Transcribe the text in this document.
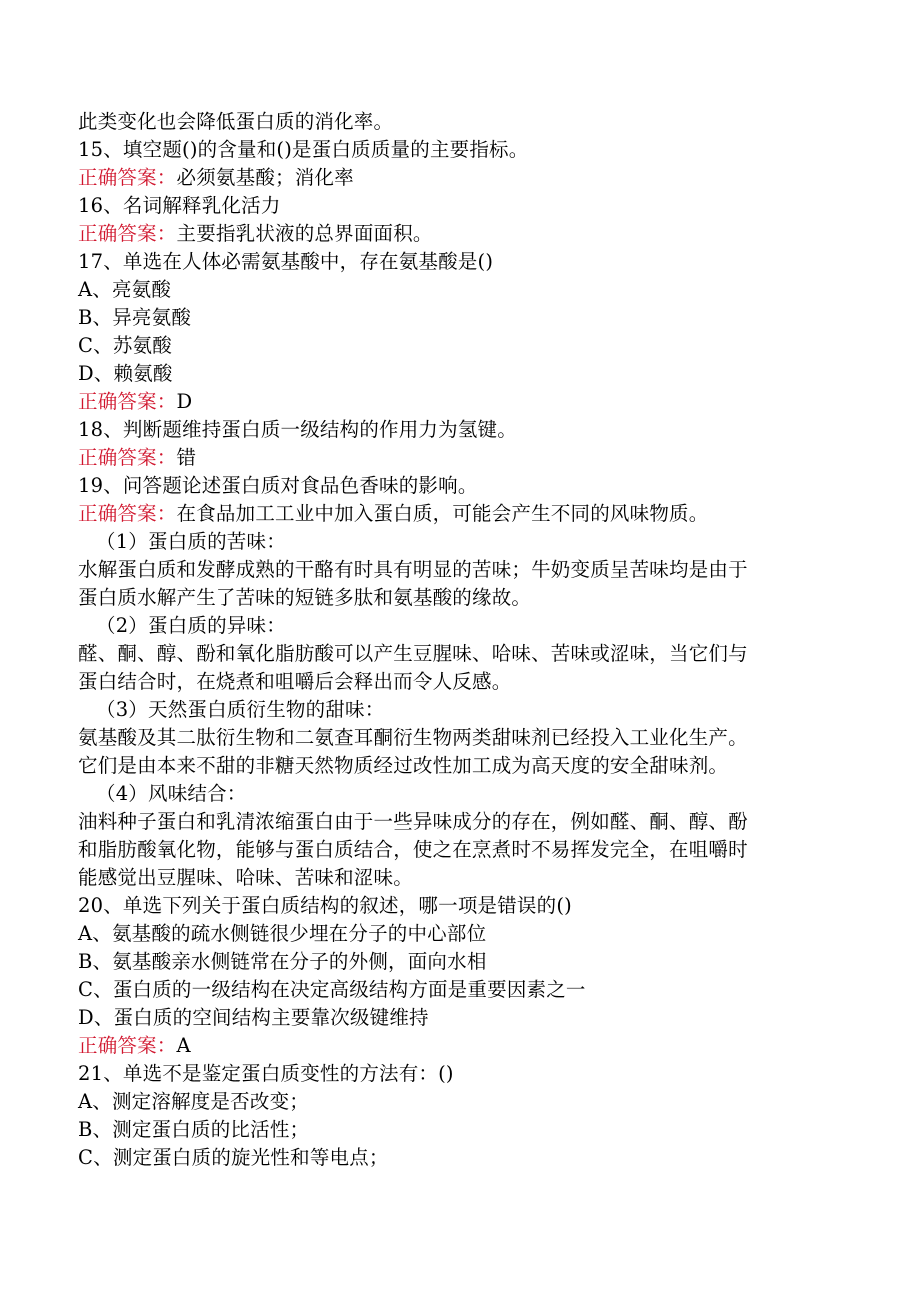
此类变化也会降低蛋白质的消化率。
15、填空题()的含量和()是蛋白质质量的主要指标。
正确答案：必须氨基酸；消化率
16、名词解释乳化活力
正确答案：主要指乳状液的总界面面积。
17、单选在人体必需氨基酸中，存在氨基酸是()
A、亮氨酸
B、异亮氨酸
C、苏氨酸
D、赖氨酸
正确答案：D
18、判断题维持蛋白质一级结构的作用力为氢键。
正确答案：错
19、问答题论述蛋白质对食品色香味的影响。
正确答案：在食品加工工业中加入蛋白质，可能会产生不同的风味物质。
（1）蛋白质的苦味：
水解蛋白质和发酵成熟的干酪有时具有明显的苦味；牛奶变质呈苦味均是由于
蛋白质水解产生了苦味的短链多肽和氨基酸的缘故。
（2）蛋白质的异味：
醛、酮、醇、酚和氧化脂肪酸可以产生豆腥味、哈味、苦味或涩味，当它们与
蛋白结合时，在烧煮和咀嚼后会释出而令人反感。
（3）天然蛋白质衍生物的甜味：
氨基酸及其二肽衍生物和二氨查耳酮衍生物两类甜味剂已经投入工业化生产。
它们是由本来不甜的非糖天然物质经过改性加工成为高天度的安全甜味剂。
（4）风味结合：
油料种子蛋白和乳清浓缩蛋白由于一些异味成分的存在，例如醛、酮、醇、酚
和脂肪酸氧化物，能够与蛋白质结合，使之在烹煮时不易挥发完全，在咀嚼时
能感觉出豆腥味、哈味、苦味和涩味。
20、单选下列关于蛋白质结构的叙述，哪一项是错误的()
A、氨基酸的疏水侧链很少埋在分子的中心部位
B、氨基酸亲水侧链常在分子的外侧，面向水相
C、蛋白质的一级结构在决定高级结构方面是重要因素之一
D、蛋白质的空间结构主要靠次级键维持
正确答案：A
21、单选不是鉴定蛋白质变性的方法有：()
A、测定溶解度是否改变；
B、测定蛋白质的比活性；
C、测定蛋白质的旋光性和等电点；
